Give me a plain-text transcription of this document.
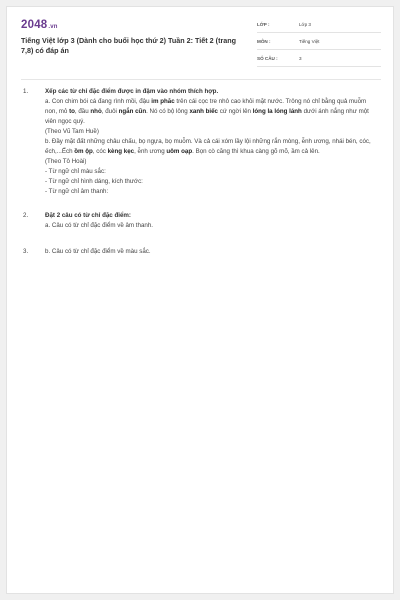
2048.vn
Tiếng Việt lớp 3 (Dành cho buổi học thứ 2) Tuần 2: Tiết 2 (trang 7,8) có đáp án
LỚP :	Lớp 3
MÔN :	Tiếng Việt
SỐ CÂU :	3
1.	Xếp các từ chỉ đặc điểm được in đậm vào nhóm thích hợp.
a. Con chim bói cá đang rình mồi, đậu im phăc trên cái cọc tre nhô cao khỏi mặt nước. Trông nó chỉ bằng quả muỗm non, mỏ to, đầu nhỏ, đuôi ngắn cũn. Nó có bộ lông xanh biếc cứ ngời lên lóng la lóng lánh dưới ánh nắng như một viên ngọc quý.
(Theo Vũ Tam Huề)
b. Đầy mặt đất những châu chấu, bọ ngựa, bọ muỗm. Và cả cái xóm lầy lội những rắn mòng, ễnh ương, nhái bén, cóc, ếch,...Ếch ồm ộp, cóc kèng kẹc, ễnh ương uôm oạp. Bọn cò căng thì khua càng gõ mõ, ầm cả lên.
(Theo Tô Hoài)
- Từ ngữ chỉ màu sắc:
- Từ ngữ chỉ hình dáng, kích thước:
- Từ ngữ chỉ âm thanh:
2.	Đặt 2 câu có từ chỉ đặc điểm:
a. Câu có từ chỉ đặc điểm về âm thanh.
3.	b. Câu có từ chỉ đặc điểm về màu sắc.
